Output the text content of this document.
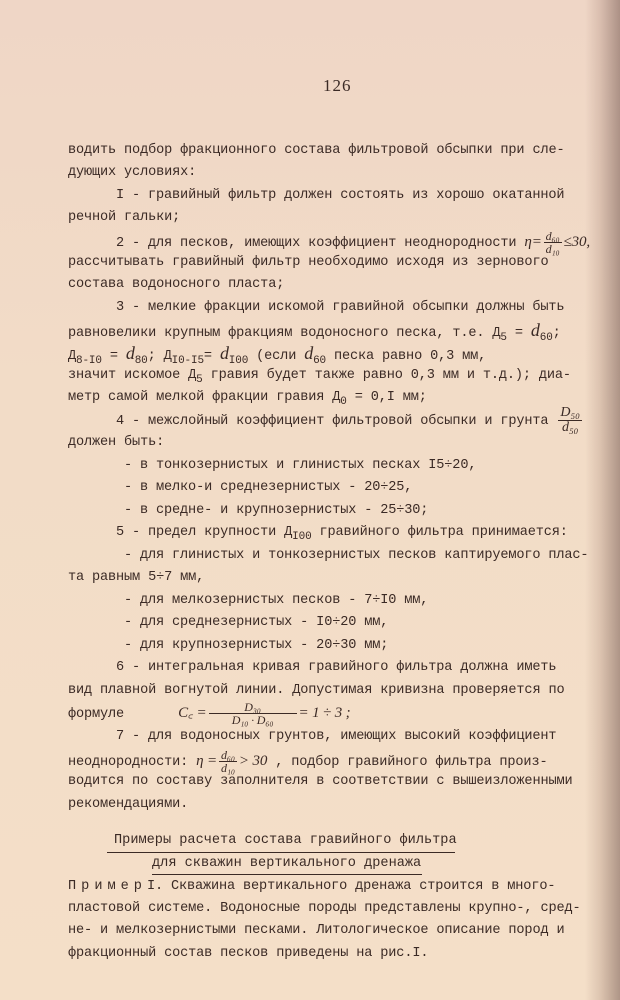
126
водить подбор фракционного состава фильтровой обсыпки при сле-
дующих условиях:
I - гравийный фильтр должен состоять из хорошо окатанной
речной гальки;
2 - для песков, имеющих коэффициент неоднородности $\eta= \frac{\text{d₆₀}}{\text{d₁₀}} \le 30$,
рассчитывать гравийный фильтр необходимо исходя из зернового
состава водоносного пласта;
3 - мелкие фракции искомой гравийной обсыпки должны быть
равновелики крупным фракциям водоносного песка, т.е. $Д_5 = d_{60}$;
$Д_{8-I0} = d_{80}$; $Д_{I0-I5}= d_{I00}$ (если $d_{60}$ песка равно 0,3 мм,
значит искомое $Д_5$ гравия будет также равно 0,3 мм и т.д.); диа-
метр самой мелкой фракции гравия $Д_0 = 0,I$ мм;
4 - межслойный коэффициент фильтровой обсыпки и грунта $\frac{\text{D₅₀}}{\text{d₅₀}}$
должен быть:
- в тонкозернистых и глинистых песках I5÷20,
- в мелко-и среднезернистых - 20÷25,
- в средне- и крупнозернистых - 25÷30;
5 - предел крупности $Д_{I00}$ гравийного фильтра принимается:
- для глинистых и тонкозернистых песков каптируемого плас-
та равным 5÷7 мм,
- для мелкозернистых песков - 7÷I0 мм,
- для среднезернистых - I0÷20 мм,
- для крупнозернистых - 20÷30 мм;
6 - интегральная кривая гравийного фильтра должна иметь
вид плавной вогнутой линии. Допустимая кривизна проверяется по
формуле	C꜀ = $\frac{\text{D₃₀}}{\text{D₁₀ · D₆₀}} = 1 \div 3$ ;
7 - для водоносных грунтов, имеющих высокий коэффициент
неоднородности: $\eta = \frac{\text{d₆₀}}{\text{d₁₀}} > 30$ , подбор гравийного фильтра произ-
водится по составу заполнителя в соответствии с вышеизложенными
рекомендациями.
Примеры расчета состава гравийного фильтра
для скважин вертикального дренажа
ПримерI. Скважина вертикального дренажа строится в много-
пластовой системе. Водоносные породы представлены крупно-, сред-
не- и мелкозернистыми песками. Литологическое описание пород и
фракционный состав песков приведены на рис.I.
